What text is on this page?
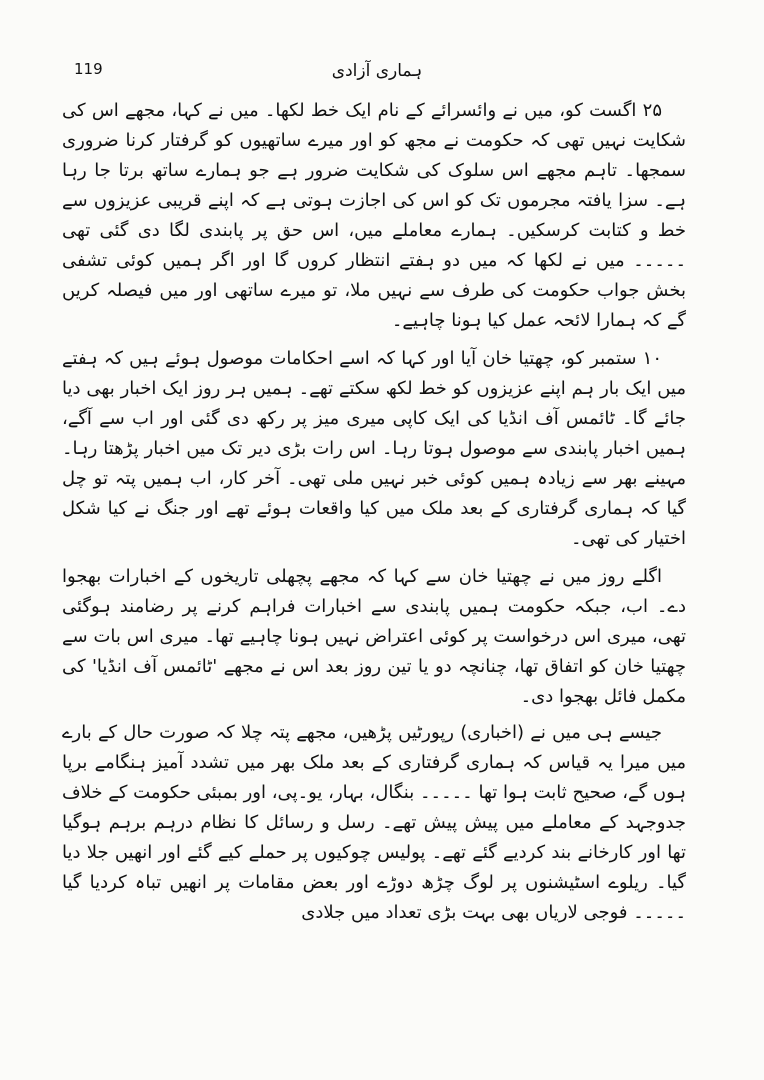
119	ہماری آزادی

۲۵ اگست کو، میں نے وائسرائے کے نام ایک خط لکھا۔ میں نے کہا، مجھے اس کی شکایت نہیں تھی کہ حکومت نے مجھ کو اور میرے ساتھیوں کو گرفتار کرنا ضروری سمجھا۔ تاہم مجھے اس سلوک کی شکایت ضرور ہے جو ہمارے ساتھ برتا جا رہا ہے۔ سزا یافتہ مجرموں تک کو اس کی اجازت ہوتی ہے کہ اپنے قریبی عزیزوں سے خط و کتابت کرسکیں۔ ہمارے معاملے میں، اس حق پر پابندی لگا دی گئی تھی ۔۔۔۔۔ میں نے لکھا کہ میں دو ہفتے انتظار کروں گا اور اگر ہمیں کوئی تشفی بخش جواب حکومت کی طرف سے نہیں ملا، تو میرے ساتھی اور میں فیصلہ کریں گے کہ ہمارا لائحہ عمل کیا ہونا چاہیے۔

۱۰ ستمبر کو، چھتیا خان آیا اور کہا کہ اسے احکامات موصول ہوئے ہیں کہ ہفتے میں ایک بار ہم اپنے عزیزوں کو خط لکھ سکتے تھے۔ ہمیں ہر روز ایک اخبار بھی دیا جائے گا۔ ٹائمس آف انڈیا کی ایک کاپی میری میز پر رکھ دی گئی اور اب سے آگے، ہمیں اخبار پابندی سے موصول ہوتا رہا۔ اس رات بڑی دیر تک میں اخبار پڑھتا رہا۔ مہینے بھر سے زیادہ ہمیں کوئی خبر نہیں ملی تھی۔ آخر کار، اب ہمیں پتہ تو چل گیا کہ ہماری گرفتاری کے بعد ملک میں کیا واقعات ہوئے تھے اور جنگ نے کیا شکل اختیار کی تھی۔

اگلے روز میں نے چھتیا خان سے کہا کہ مجھے پچھلی تاریخوں کے اخبارات بھجوا دے۔ اب، جبکہ حکومت ہمیں پابندی سے اخبارات فراہم کرنے پر رضامند ہوگئی تھی، میری اس درخواست پر کوئی اعتراض نہیں ہونا چاہیے تھا۔ میری اس بات سے چھتیا خان کو اتفاق تھا، چنانچہ دو یا تین روز بعد اس نے مجھے 'ٹائمس آف انڈیا' کی مکمل فائل بھجوا دی۔

جیسے ہی میں نے (اخباری) رپورٹیں پڑھیں، مجھے پتہ چلا کہ صورت حال کے بارے میں میرا یہ قیاس کہ ہماری گرفتاری کے بعد ملک بھر میں تشدد آمیز ہنگامے برپا ہوں گے، صحیح ثابت ہوا تھا ۔۔۔۔۔ بنگال، بہار، یو۔پی، اور بمبئی حکومت کے خلاف جدوجہد کے معاملے میں پیش پیش تھے۔ رسل و رسائل کا نظام درہم برہم ہوگیا تھا اور کارخانے بند کردیے گئے تھے۔ پولیس چوکیوں پر حملے کیے گئے اور انھیں جلا دیا گیا۔ ریلوے اسٹیشنوں پر لوگ چڑھ دوڑے اور بعض مقامات پر انھیں تباہ کردیا گیا ۔۔۔۔۔ فوجی لاریاں بھی بہت بڑی تعداد میں جلادی
